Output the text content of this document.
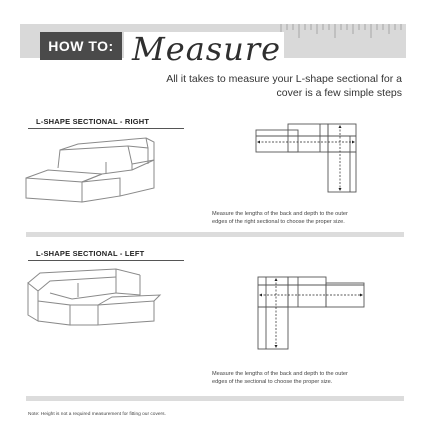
HOW TO: Measure
All it takes to measure your L-shape sectional for a
cover is a few simple steps
L-SHAPE SECTIONAL - RIGHT
Measure the lengths of the back and depth to the outer
edges of the right sectional to choose the proper size.
L-SHAPE SECTIONAL - LEFT
Measure the lengths of the back and depth to the outer
edges of the sectional to choose the proper size.
Note: Height is not a required measurement for fitting our covers.
